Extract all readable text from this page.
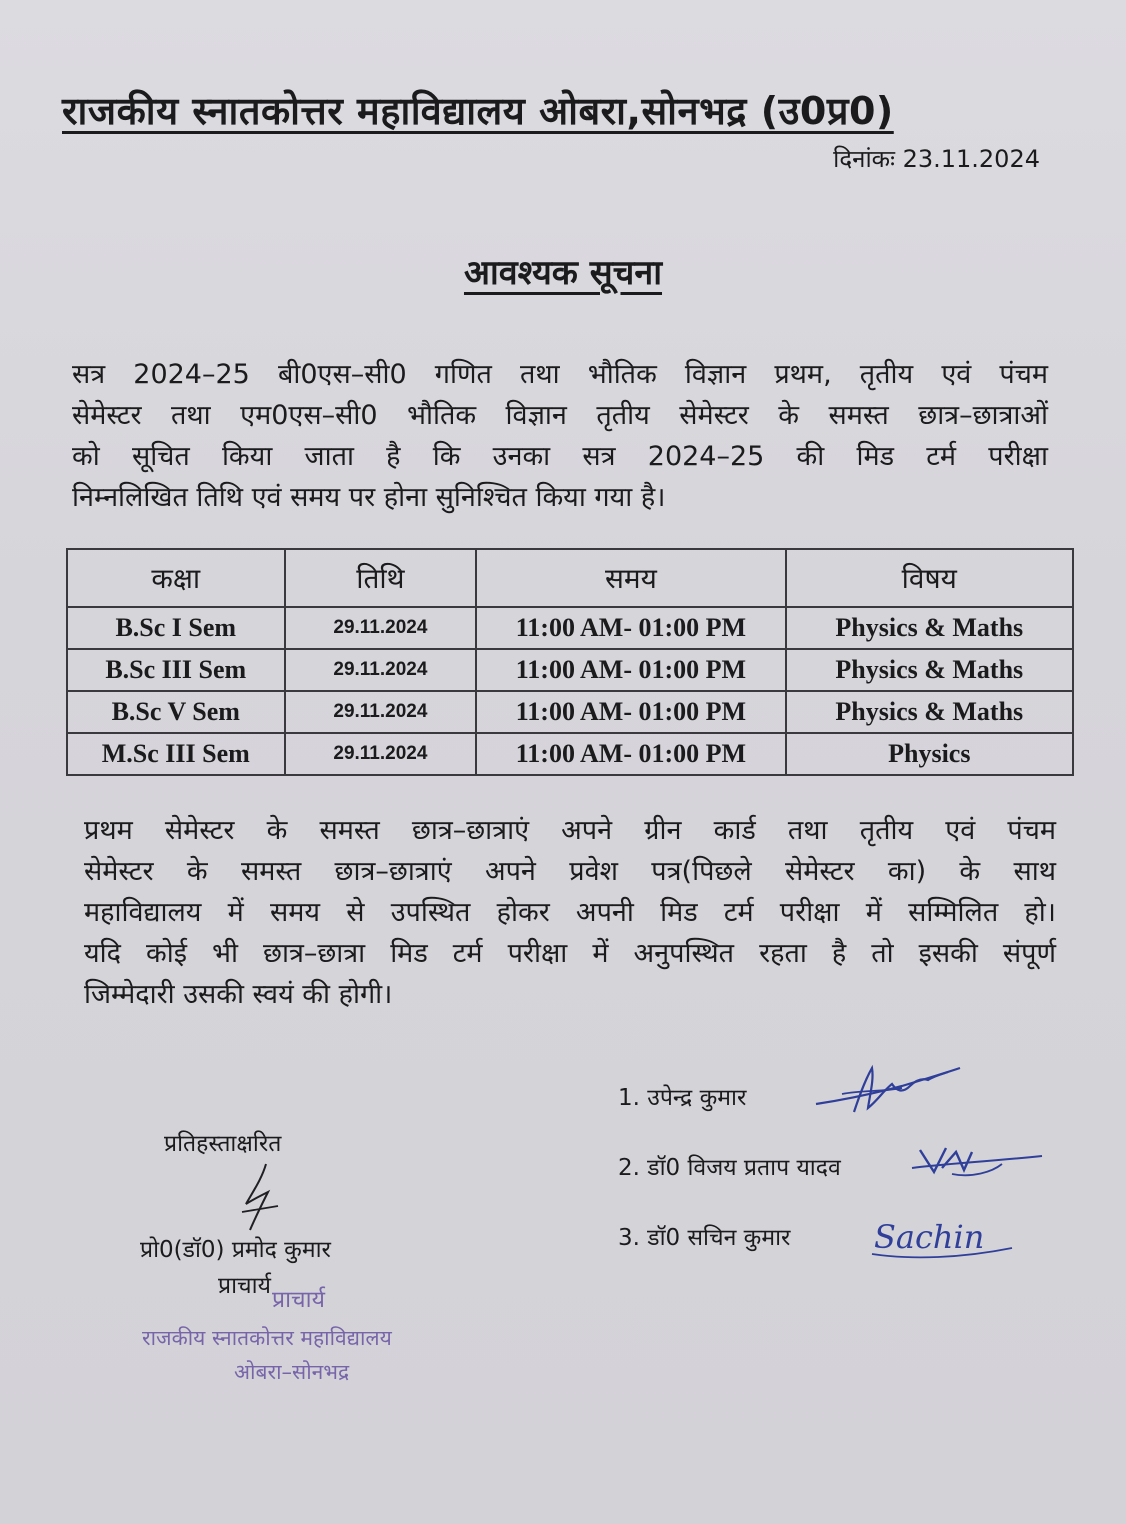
राजकीय स्नातकोत्तर महाविद्यालय ओबरा,सोनभद्र (उ0प्र0)
दिनांकः 23.11.2024
आवश्यक सूचना
सत्र 2024–25 बी0एस–सी0 गणित तथा भौतिक विज्ञान प्रथम, तृतीय एवं पंचम
सेमेस्टर तथा एम0एस–सी0 भौतिक विज्ञान तृतीय सेमेस्टर के समस्त छात्र–छात्राओं
को सूचित किया जाता है कि उनका सत्र 2024–25 की मिड टर्म परीक्षा
निम्नलिखित तिथि एवं समय पर होना सुनिश्चित किया गया है।
कक्षा	तिथि	समय	विषय
B.Sc I Sem	29.11.2024	11:00 AM- 01:00 PM	Physics & Maths
B.Sc III Sem	29.11.2024	11:00 AM- 01:00 PM	Physics & Maths
B.Sc V Sem	29.11.2024	11:00 AM- 01:00 PM	Physics & Maths
M.Sc III Sem	29.11.2024	11:00 AM- 01:00 PM	Physics
प्रथम सेमेस्टर के समस्त छात्र–छात्राएं अपने ग्रीन कार्ड तथा तृतीय एवं पंचम
सेमेस्टर के समस्त छात्र–छात्राएं अपने प्रवेश पत्र(पिछले सेमेस्टर का) के साथ
महाविद्यालय में समय से उपस्थित होकर अपनी मिड टर्म परीक्षा में सम्मिलित हो।
यदि कोई भी छात्र–छात्रा मिड टर्म परीक्षा में अनुपस्थित रहता है तो इसकी संपूर्ण
जिम्मेदारी उसकी स्वयं की होगी।
1. उपेन्द्र कुमार
2. डॉ0 विजय प्रताप यादव
3. डॉ0 सचिन कुमार	Sachin
प्रतिहस्ताक्षरित
प्रो0(डॉ0) प्रमोद कुमार
प्राचार्य
प्राचार्य
राजकीय स्नातकोत्तर महाविद्यालय
ओबरा–सोनभद्र
